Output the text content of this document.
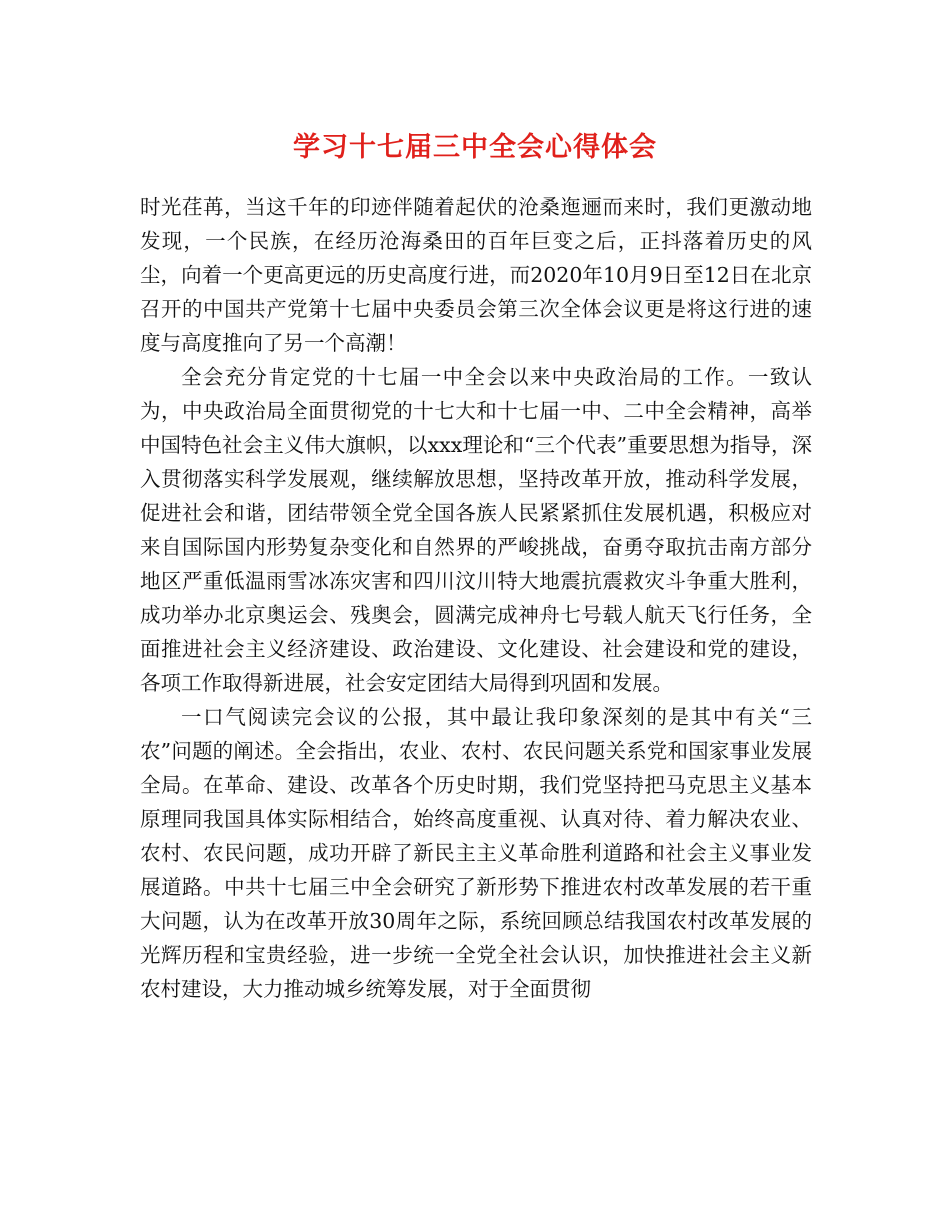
学习十七届三中全会心得体会

时光荏苒，当这千年的印迹伴随着起伏的沧桑迤逦而来时，我们更激动地发现，一个民族，在经历沧海桑田的百年巨变之后，正抖落着历史的风尘，向着一个更高更远的历史高度行进，而2020年10月9日至12日在北京召开的中国共产党第十七届中央委员会第三次全体会议更是将这行进的速度与高度推向了另一个高潮！

全会充分肯定党的十七届一中全会以来中央政治局的工作。一致认为，中央政治局全面贯彻党的十七大和十七届一中、二中全会精神，高举中国特色社会主义伟大旗帜，以xxx理论和“三个代表”重要思想为指导，深入贯彻落实科学发展观，继续解放思想，坚持改革开放，推动科学发展，促进社会和谐，团结带领全党全国各族人民紧紧抓住发展机遇，积极应对来自国际国内形势复杂变化和自然界的严峻挑战，奋勇夺取抗击南方部分地区严重低温雨雪冰冻灾害和四川汶川特大地震抗震救灾斗争重大胜利，成功举办北京奥运会、残奥会，圆满完成神舟七号载人航天飞行任务，全面推进社会主义经济建设、政治建设、文化建设、社会建设和党的建设，各项工作取得新进展，社会安定团结大局得到巩固和发展。

一口气阅读完会议的公报，其中最让我印象深刻的是其中有关“三农”问题的阐述。全会指出，农业、农村、农民问题关系党和国家事业发展全局。在革命、建设、改革各个历史时期，我们党坚持把马克思主义基本原理同我国具体实际相结合，始终高度重视、认真对待、着力解决农业、农村、农民问题，成功开辟了新民主主义革命胜利道路和社会主义事业发展道路。中共十七届三中全会研究了新形势下推进农村改革发展的若干重大问题，认为在改革开放30周年之际，系统回顾总结我国农村改革发展的光辉历程和宝贵经验，进一步统一全党全社会认识，加快推进社会主义新农村建设，大力推动城乡统筹发展，对于全面贯彻
